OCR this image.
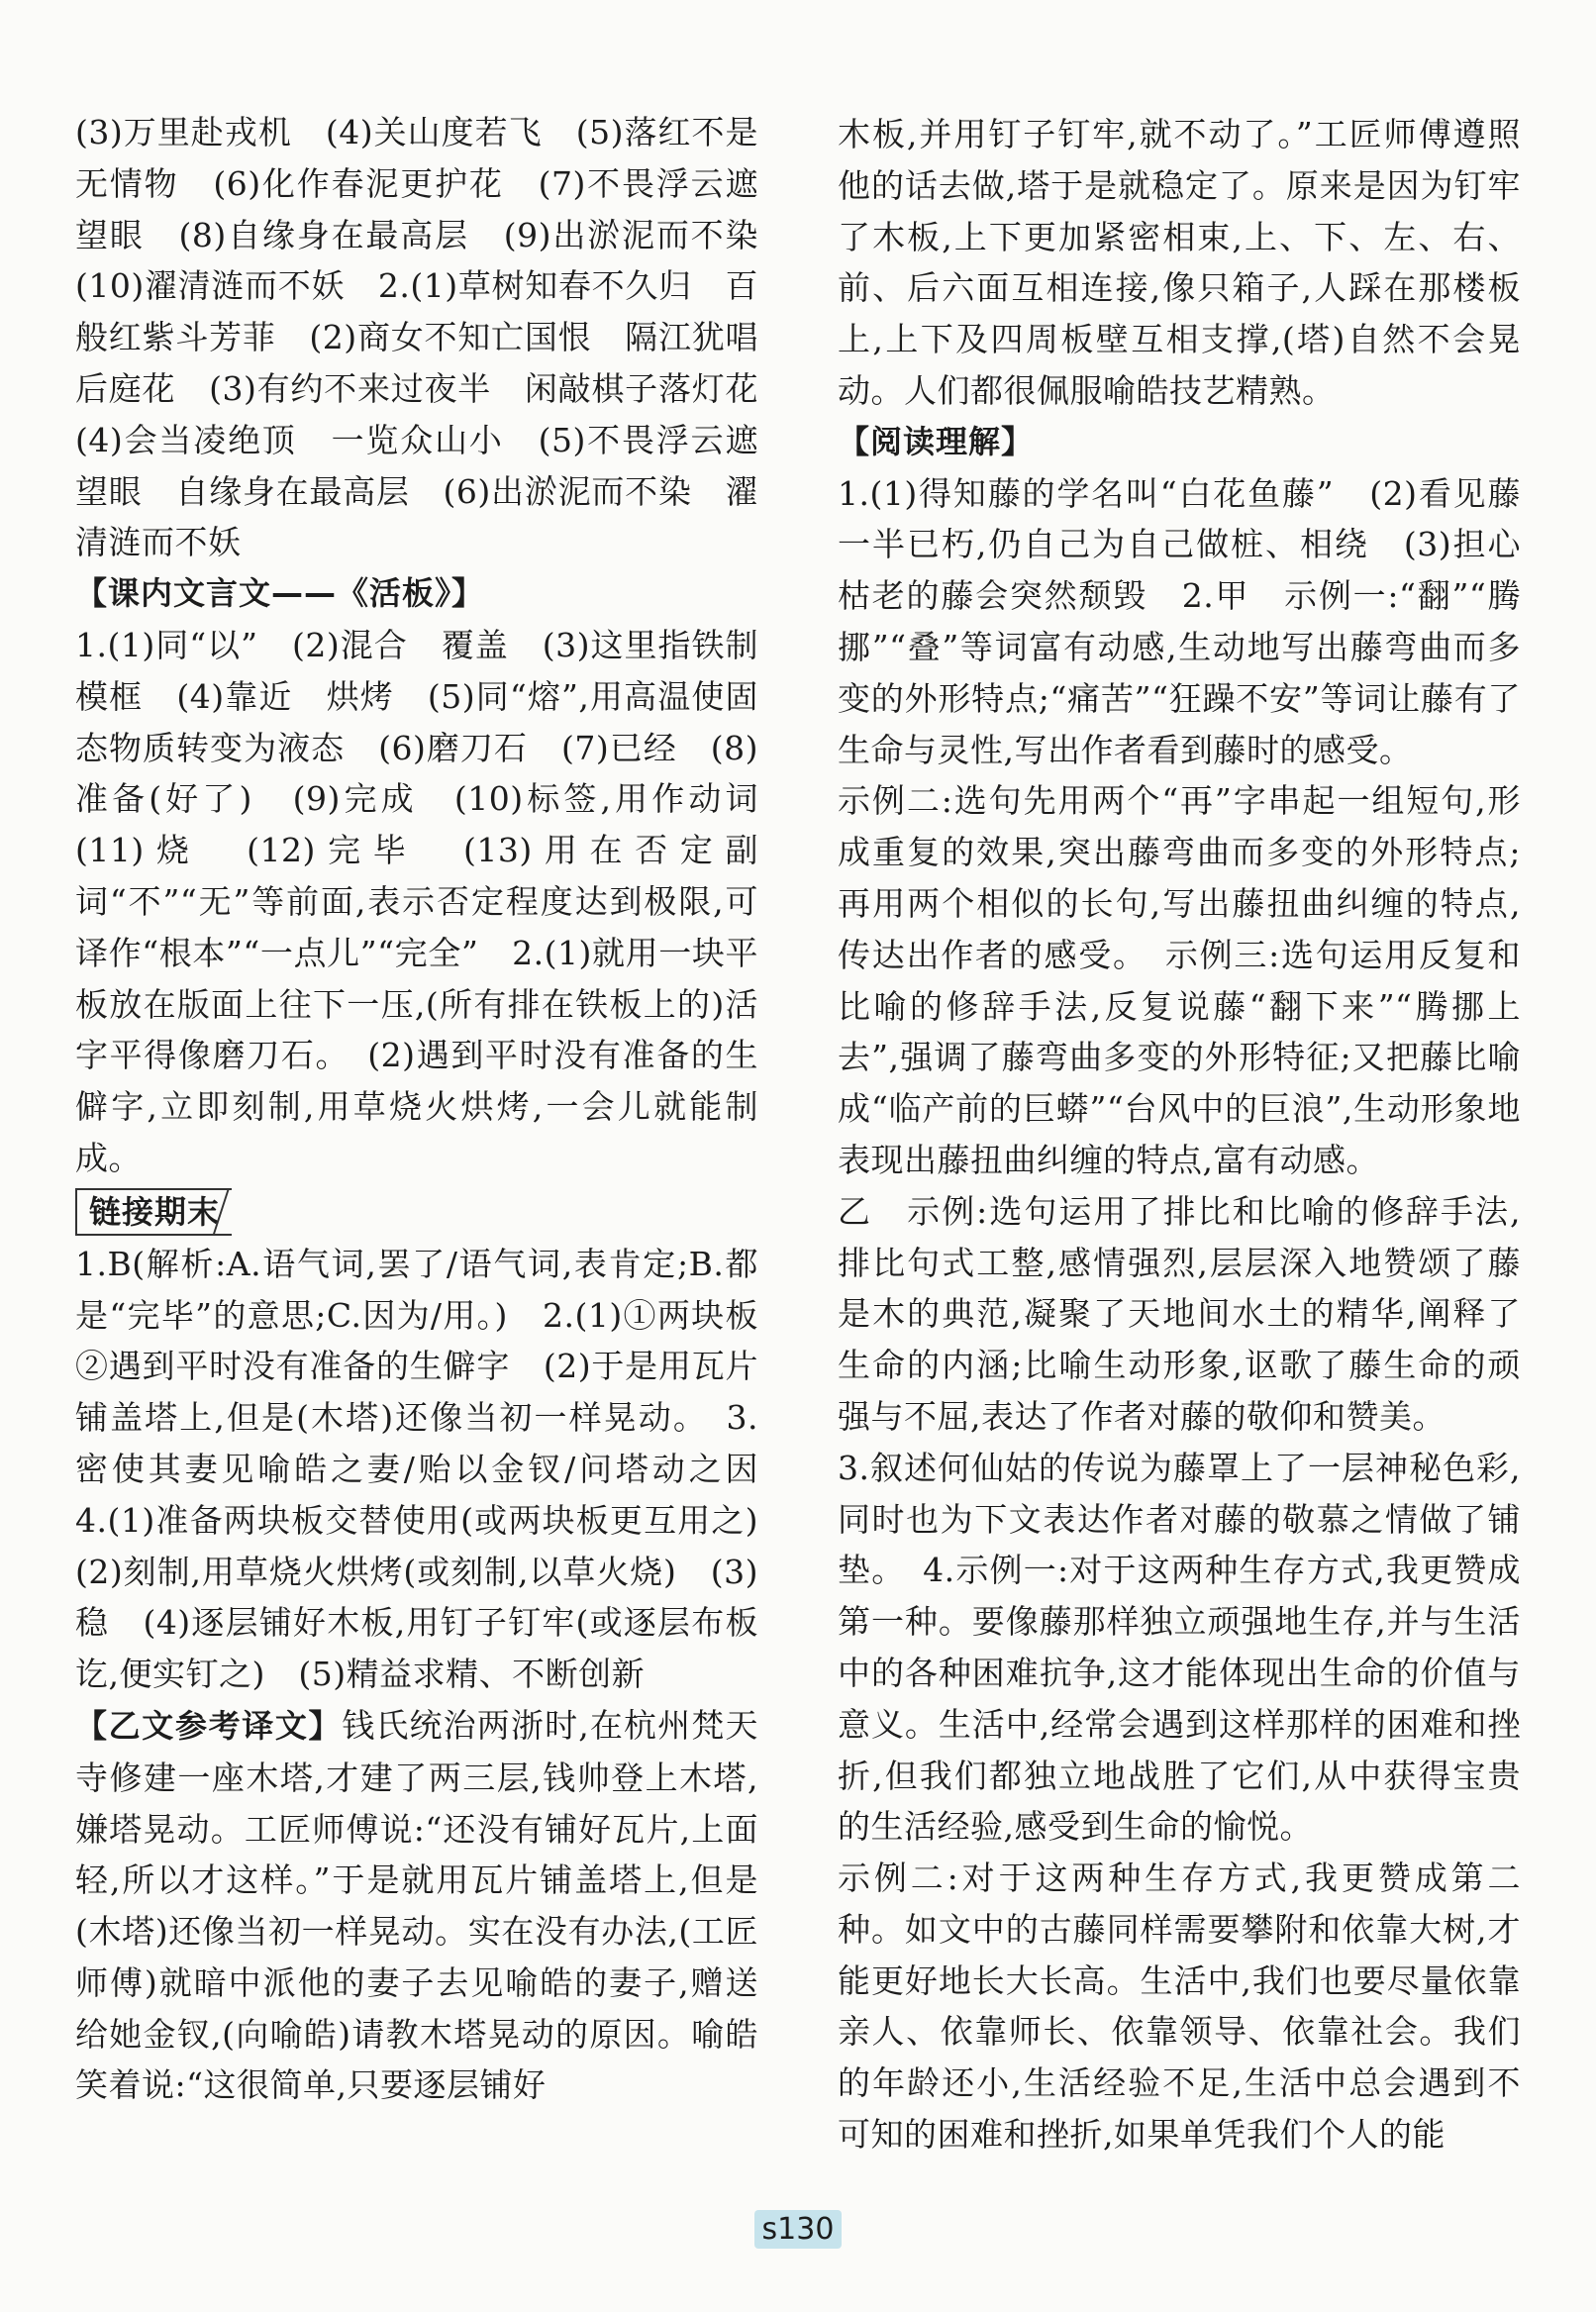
(3)万里赴戎机　(4)关山度若飞　(5)落红不是无情物　(6)化作春泥更护花　(7)不畏浮云遮望眼　(8)自缘身在最高层　(9)出淤泥而不染　(10)濯清涟而不妖　2.(1)草树知春不久归　百般红紫斗芳菲　(2)商女不知亡国恨　隔江犹唱后庭花　(3)有约不来过夜半　闲敲棋子落灯花　(4)会当凌绝顶　一览众山小　(5)不畏浮云遮望眼　自缘身在最高层　(6)出淤泥而不染　濯清涟而不妖

【课内文言文——《活板》】

1.(1)同“以”　(2)混合　覆盖　(3)这里指铁制模框　(4)靠近　烘烤　(5)同“熔”,用高温使固态物质转变为液态　(6)磨刀石　(7)已经　(8)准备(好了)　(9)完成　(10)标签,用作动词　(11)烧　(12)完毕　(13)用在否定副词“不”“无”等前面,表示否定程度达到极限,可译作“根本”“一点儿”“完全”　2.(1)就用一块平板放在版面上往下一压,(所有排在铁板上的)活字平得像磨刀石。　(2)遇到平时没有准备的生僻字,立即刻制,用草烧火烘烤,一会儿就能制成。

链接期末

1.B(解析:A.语气词,罢了/语气词,表肯定;B.都是“完毕”的意思;C.因为/用。)　2.(1)①两块板　②遇到平时没有准备的生僻字　(2)于是用瓦片铺盖塔上,但是(木塔)还像当初一样晃动。　3.密使其妻见喻皓之妻/贻以金钗/问塔动之因　4.(1)准备两块板交替使用(或两块板更互用之)　(2)刻制,用草烧火烘烤(或刻制,以草火烧)　(3)稳　(4)逐层铺好木板,用钉子钉牢(或逐层布板讫,便实钉之)　(5)精益求精、不断创新

【乙文参考译文】钱氏统治两浙时,在杭州梵天寺修建一座木塔,才建了两三层,钱帅登上木塔,嫌塔晃动。工匠师傅说:“还没有铺好瓦片,上面轻,所以才这样。”于是就用瓦片铺盖塔上,但是(木塔)还像当初一样晃动。实在没有办法,(工匠师傅)就暗中派他的妻子去见喻皓的妻子,赠送给她金钗,(向喻皓)请教木塔晃动的原因。喻皓笑着说:“这很简单,只要逐层铺好

木板,并用钉子钉牢,就不动了。”工匠师傅遵照他的话去做,塔于是就稳定了。原来是因为钉牢了木板,上下更加紧密相束,上、下、左、右、前、后六面互相连接,像只箱子,人踩在那楼板上,上下及四周板壁互相支撑,(塔)自然不会晃动。人们都很佩服喻皓技艺精熟。

【阅读理解】

1.(1)得知藤的学名叫“白花鱼藤”　(2)看见藤一半已朽,仍自己为自己做桩、相绕　(3)担心枯老的藤会突然颓毁　2.甲　示例一:“翻”“腾挪”“叠”等词富有动感,生动地写出藤弯曲而多变的外形特点;“痛苦”“狂躁不安”等词让藤有了生命与灵性,写出作者看到藤时的感受。

示例二:选句先用两个“再”字串起一组短句,形成重复的效果,突出藤弯曲而多变的外形特点;再用两个相似的长句,写出藤扭曲纠缠的特点,传达出作者的感受。　示例三:选句运用反复和比喻的修辞手法,反复说藤“翻下来”“腾挪上去”,强调了藤弯曲多变的外形特征;又把藤比喻成“临产前的巨蟒”“台风中的巨浪”,生动形象地表现出藤扭曲纠缠的特点,富有动感。

乙　示例:选句运用了排比和比喻的修辞手法,排比句式工整,感情强烈,层层深入地赞颂了藤是木的典范,凝聚了天地间水土的精华,阐释了生命的内涵;比喻生动形象,讴歌了藤生命的顽强与不屈,表达了作者对藤的敬仰和赞美。

3.叙述何仙姑的传说为藤罩上了一层神秘色彩,同时也为下文表达作者对藤的敬慕之情做了铺垫。　4.示例一:对于这两种生存方式,我更赞成第一种。要像藤那样独立顽强地生存,并与生活中的各种困难抗争,这才能体现出生命的价值与意义。生活中,经常会遇到这样那样的困难和挫折,但我们都独立地战胜了它们,从中获得宝贵的生活经验,感受到生命的愉悦。

示例二:对于这两种生存方式,我更赞成第二种。如文中的古藤同样需要攀附和依靠大树,才能更好地长大长高。生活中,我们也要尽量依靠亲人、依靠师长、依靠领导、依靠社会。我们的年龄还小,生活经验不足,生活中总会遇到不可知的困难和挫折,如果单凭我们个人的能

s130
